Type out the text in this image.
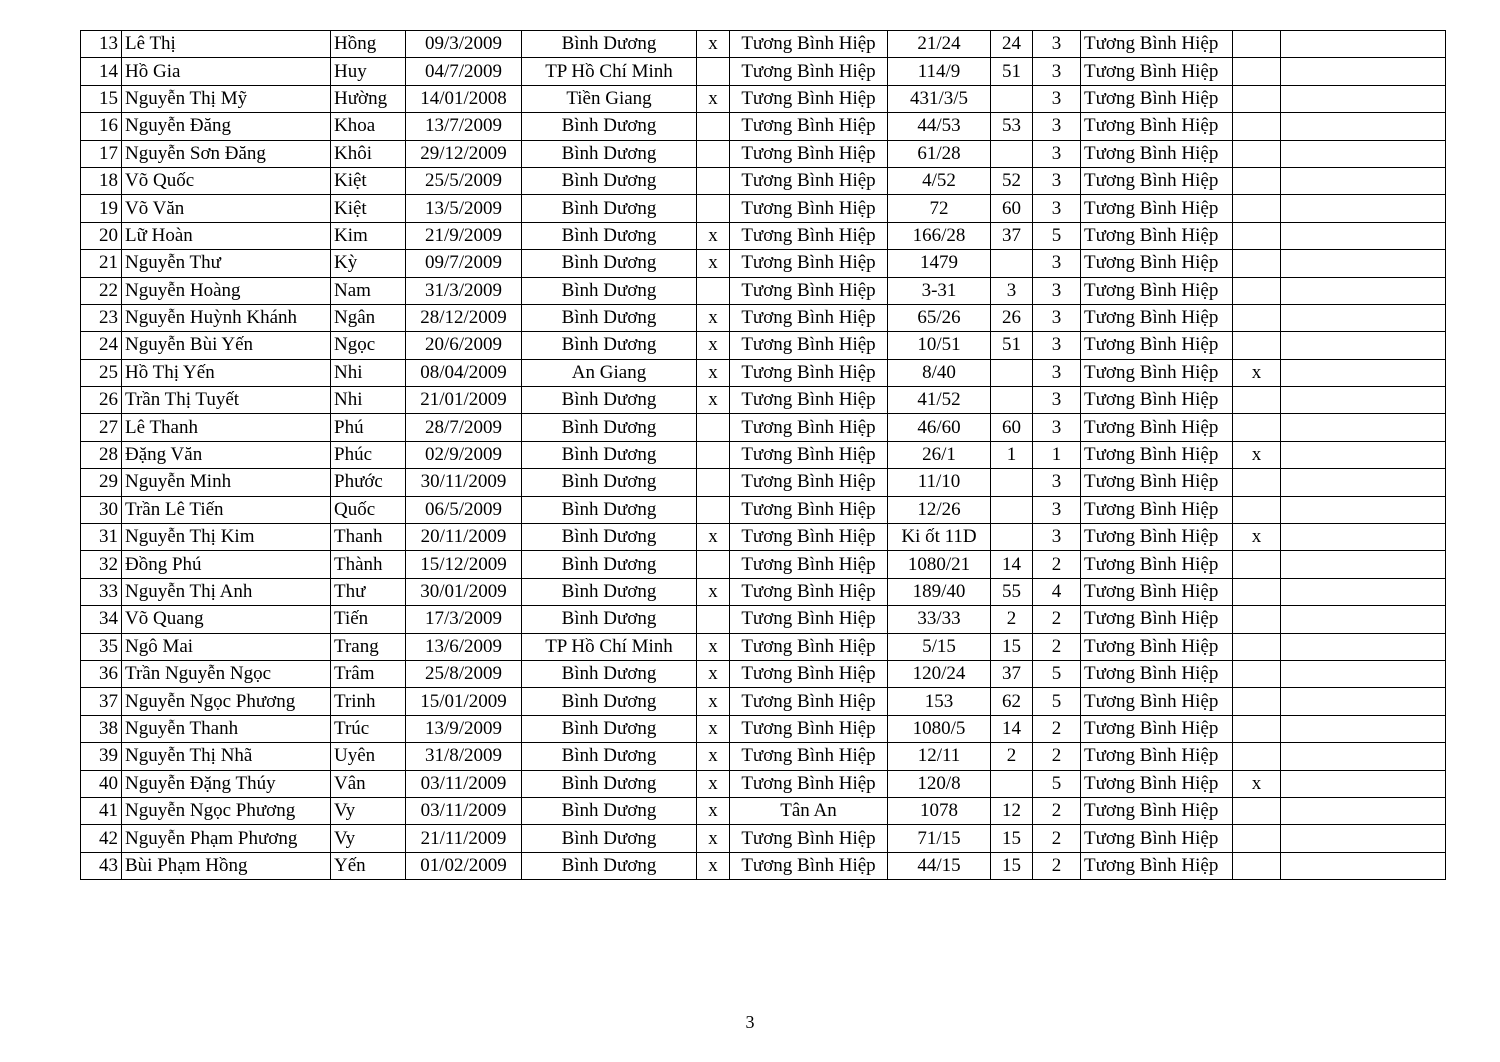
13	Lê Thị	Hồng	09/3/2009	Bình Dương	x	Tương Bình Hiệp	21/24	24	3	Tương Bình Hiệp		
14	Hồ Gia	Huy	04/7/2009	TP Hồ Chí Minh		Tương Bình Hiệp	114/9	51	3	Tương Bình Hiệp		
15	Nguyễn Thị Mỹ	Hường	14/01/2008	Tiền Giang	x	Tương Bình Hiệp	431/3/5		3	Tương Bình Hiệp		
16	Nguyễn Đăng	Khoa	13/7/2009	Bình Dương		Tương Bình Hiệp	44/53	53	3	Tương Bình Hiệp		
17	Nguyễn Sơn Đăng	Khôi	29/12/2009	Bình Dương		Tương Bình Hiệp	61/28		3	Tương Bình Hiệp		
18	Võ Quốc	Kiệt	25/5/2009	Bình Dương		Tương Bình Hiệp	4/52	52	3	Tương Bình Hiệp		
19	Võ Văn	Kiệt	13/5/2009	Bình Dương		Tương Bình Hiệp	72	60	3	Tương Bình Hiệp		
20	Lữ Hoàn	Kim	21/9/2009	Bình Dương	x	Tương Bình Hiệp	166/28	37	5	Tương Bình Hiệp		
21	Nguyễn Thư	Kỳ	09/7/2009	Bình Dương	x	Tương Bình Hiệp	1479		3	Tương Bình Hiệp		
22	Nguyễn Hoàng	Nam	31/3/2009	Bình Dương		Tương Bình Hiệp	3-31	3	3	Tương Bình Hiệp		
23	Nguyễn Huỳnh Khánh	Ngân	28/12/2009	Bình Dương	x	Tương Bình Hiệp	65/26	26	3	Tương Bình Hiệp		
24	Nguyễn Bùi Yến	Ngọc	20/6/2009	Bình Dương	x	Tương Bình Hiệp	10/51	51	3	Tương Bình Hiệp		
25	Hồ Thị Yến	Nhi	08/04/2009	An Giang	x	Tương Bình Hiệp	8/40		3	Tương Bình Hiệp	x	
26	Trần Thị Tuyết	Nhi	21/01/2009	Bình Dương	x	Tương Bình Hiệp	41/52		3	Tương Bình Hiệp		
27	Lê Thanh	Phú	28/7/2009	Bình Dương		Tương Bình Hiệp	46/60	60	3	Tương Bình Hiệp		
28	Đặng Văn	Phúc	02/9/2009	Bình Dương		Tương Bình Hiệp	26/1	1	1	Tương Bình Hiệp	x	
29	Nguyễn Minh	Phước	30/11/2009	Bình Dương		Tương Bình Hiệp	11/10		3	Tương Bình Hiệp		
30	Trần Lê Tiến	Quốc	06/5/2009	Bình Dương		Tương Bình Hiệp	12/26		3	Tương Bình Hiệp		
31	Nguyễn Thị Kim	Thanh	20/11/2009	Bình Dương	x	Tương Bình Hiệp	Ki ốt 11D		3	Tương Bình Hiệp	x	
32	Đồng Phú	Thành	15/12/2009	Bình Dương		Tương Bình Hiệp	1080/21	14	2	Tương Bình Hiệp		
33	Nguyễn Thị Anh	Thư	30/01/2009	Bình Dương	x	Tương Bình Hiệp	189/40	55	4	Tương Bình Hiệp		
34	Võ Quang	Tiến	17/3/2009	Bình Dương		Tương Bình Hiệp	33/33	2	2	Tương Bình Hiệp		
35	Ngô Mai	Trang	13/6/2009	TP Hồ Chí Minh	x	Tương Bình Hiệp	5/15	15	2	Tương Bình Hiệp		
36	Trần Nguyễn Ngọc	Trâm	25/8/2009	Bình Dương	x	Tương Bình Hiệp	120/24	37	5	Tương Bình Hiệp		
37	Nguyễn Ngọc Phương	Trinh	15/01/2009	Bình Dương	x	Tương Bình Hiệp	153	62	5	Tương Bình Hiệp		
38	Nguyễn Thanh	Trúc	13/9/2009	Bình Dương	x	Tương Bình Hiệp	1080/5	14	2	Tương Bình Hiệp		
39	Nguyễn Thị Nhã	Uyên	31/8/2009	Bình Dương	x	Tương Bình Hiệp	12/11	2	2	Tương Bình Hiệp		
40	Nguyễn Đặng Thúy	Vân	03/11/2009	Bình Dương	x	Tương Bình Hiệp	120/8		5	Tương Bình Hiệp	x	
41	Nguyễn Ngọc Phương	Vy	03/11/2009	Bình Dương	x	Tân An	1078	12	2	Tương Bình Hiệp		
42	Nguyễn Phạm Phương	Vy	21/11/2009	Bình Dương	x	Tương Bình Hiệp	71/15	15	2	Tương Bình Hiệp		
43	Bùi Phạm Hồng	Yến	01/02/2009	Bình Dương	x	Tương Bình Hiệp	44/15	15	2	Tương Bình Hiệp		
3
